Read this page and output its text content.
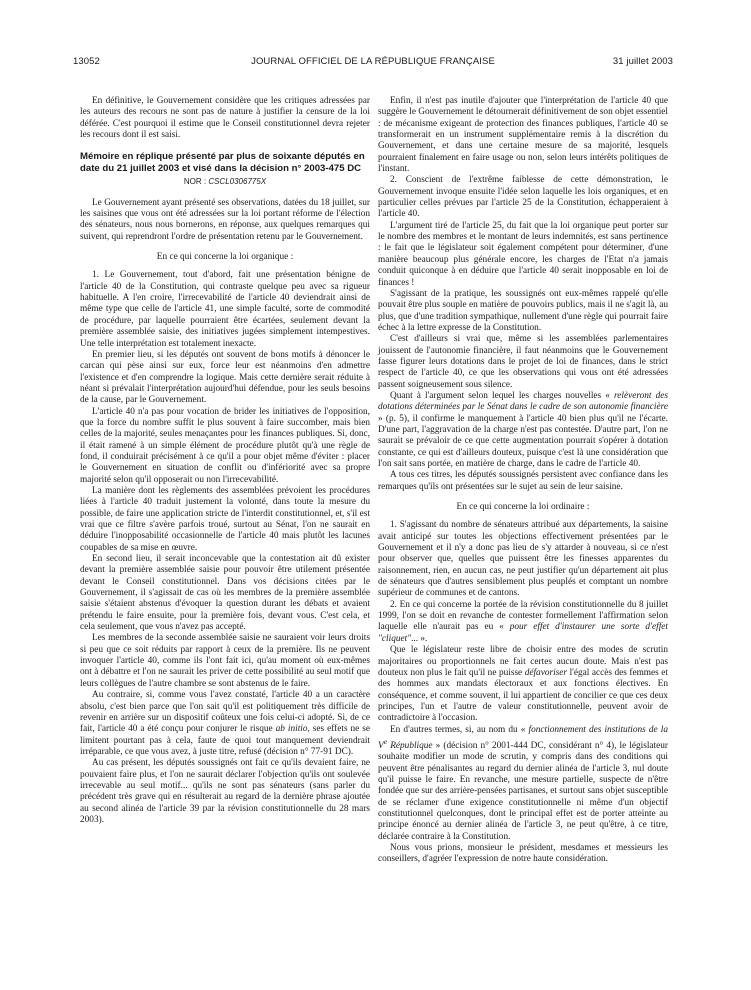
13052	JOURNAL OFFICIEL DE LA RÉPUBLIQUE FRANÇAISE	31 juillet 2003

En définitive, le Gouvernement considère que les critiques adressées par les auteurs des recours ne sont pas de nature à justifier la censure de la loi déférée. C'est pourquoi il estime que le Conseil constitutionnel devra rejeter les recours dont il est saisi.

Mémoire en réplique présenté par plus de soixante députés en date du 21 juillet 2003 et visé dans la décision n° 2003-475 DC
NOR : CSCL0306775X

Le Gouvernement ayant présenté ses observations, datées du 18 juillet, sur les saisines que vous ont été adressées sur la loi portant réforme de l'élection des sénateurs, nous nous bornerons, en réponse, aux quelques remarques qui suivent, qui reprendront l'ordre de présentation retenu par le Gouvernement.

En ce qui concerne la loi organique :

1. Le Gouvernement, tout d'abord, fait une présentation bénigne de l'article 40 de la Constitution, qui contraste quelque peu avec sa rigueur habituelle. A l'en croire, l'irrecevabilité de l'article 40 deviendrait ainsi de même type que celle de l'article 41, une simple faculté, sorte de commodité de procédure, par laquelle pourraient être écartées, seulement devant la première assemblée saisie, des initiatives jugées simplement intempestives. Une telle interprétation est totalement inexacte.

En premier lieu, si les députés ont souvent de bons motifs à dénoncer le carcan qui pèse ainsi sur eux, force leur est néanmoins d'en admettre l'existence et d'en comprendre la logique. Mais cette dernière serait réduite à néant si prévalait l'interprétation aujourd'hui défendue, pour les seuls besoins de la cause, par le Gouvernement.

L'article 40 n'a pas pour vocation de brider les initiatives de l'opposition, que la force du nombre suffit le plus souvent à faire succomber, mais bien celles de la majorité, seules menaçantes pour les finances publiques. Si, donc, il était ramené à un simple élément de procédure plutôt qu'à une règle de fond, il conduirait précisément à ce qu'il a pour objet même d'éviter : placer le Gouvernement en situation de conflit ou d'infériorité avec sa propre majorité selon qu'il opposerait ou non l'irrecevabilité.

La manière dont les règlements des assemblées prévoient les procédures liées à l'article 40 traduit justement la volonté, dans toute la mesure du possible, de faire une application stricte de l'interdit constitutionnel, et, s'il est vrai que ce filtre s'avère parfois troué, surtout au Sénat, l'on ne saurait en déduire l'inopposabilité occasionnelle de l'article 40 mais plutôt les lacunes coupables de sa mise en œuvre.

En second lieu, il serait inconcevable que la contestation ait dû exister devant la première assemblée saisie pour pouvoir être utilement présentée devant le Conseil constitutionnel. Dans vos décisions citées par le Gouvernement, il s'agissait de cas où les membres de la première assemblée saisie s'étaient abstenus d'évoquer la question durant les débats et avaient prétendu le faire ensuite, pour la première fois, devant vous. C'est cela, et cela seulement, que vous n'avez pas accepté.

Les membres de la seconde assemblée saisie ne sauraient voir leurs droits si peu que ce soit réduits par rapport à ceux de la première. Ils ne peuvent invoquer l'article 40, comme ils l'ont fait ici, qu'au moment où eux-mêmes ont à débattre et l'on ne saurait les priver de cette possibilité au seul motif que leurs collègues de l'autre chambre se sont abstenus de le faire.

Au contraire, si, comme vous l'avez constaté, l'article 40 a un caractère absolu, c'est bien parce que l'on sait qu'il est politiquement très difficile de revenir en arrière sur un dispositif coûteux une fois celui-ci adopté. Si, de ce fait, l'article 40 a été conçu pour conjurer le risque ab initio, ses effets ne se limitent pourtant pas à cela, faute de quoi tout manquement deviendrait irréparable, ce que vous avez, à juste titre, refusé (décision n° 77-91 DC).

Au cas présent, les députés soussignés ont fait ce qu'ils devaient faire, ne pouvaient faire plus, et l'on ne saurait déclarer l'objection qu'ils ont soulevée irrecevable au seul motif... qu'ils ne sont pas sénateurs (sans parler du précédent très grave qui en résulterait au regard de la dernière phrase ajoutée au second alinéa de l'article 39 par la révision constitutionnelle du 28 mars 2003).

Enfin, il n'est pas inutile d'ajouter que l'interprétation de l'article 40 que suggère le Gouvernement le détournerait définitivement de son objet essentiel : de mécanisme exigeant de protection des finances publiques, l'article 40 se transformerait en un instrument supplémentaire remis à la discrétion du Gouvernement, et dans une certaine mesure de sa majorité, lesquels pourraient finalement en faire usage ou non, selon leurs intérêts politiques de l'instant.

2. Conscient de l'extrême faiblesse de cette démonstration, le Gouvernement invoque ensuite l'idée selon laquelle les lois organiques, et en particulier celles prévues par l'article 25 de la Constitution, échapperaient à l'article 40.

L'argument tiré de l'article 25, du fait que la loi organique peut porter sur le nombre des membres et le montant de leurs indemnités, est sans pertinence : le fait que le législateur soit également compétent pour déterminer, d'une manière beaucoup plus générale encore, les charges de l'Etat n'a jamais conduit quiconque à en déduire que l'article 40 serait inopposable en loi de finances !

S'agissant de la pratique, les soussignés ont eux-mêmes rappelé qu'elle pouvait être plus souple en matière de pouvoirs publics, mais il ne s'agit là, au plus, que d'une tradition sympathique, nullement d'une règle qui pourrait faire échec à la lettre expresse de la Constitution.

C'est d'ailleurs si vrai que, même si les assemblées parlementaires jouissent de l'autonomie financière, il faut néanmoins que le Gouvernement fasse figurer leurs dotations dans le projet de loi de finances, dans le strict respect de l'article 40, ce que les observations qui vous ont été adressées passent soigneusement sous silence.

Quant à l'argument selon lequel les charges nouvelles « relèveront des dotations déterminées par le Sénat dans le cadre de son autonomie financière » (p. 5), il confirme le manquement à l'article 40 bien plus qu'il ne l'écarte. D'une part, l'aggravation de la charge n'est pas contestée. D'autre part, l'on ne saurait se prévaloir de ce que cette augmentation pourrait s'opérer à dotation constante, ce qui est d'ailleurs douteux, puisque c'est là une considération que l'on sait sans portée, en matière de charge, dans le cadre de l'article 40.

A tous ces titres, les députés soussignés persistent avec confiance dans les remarques qu'ils ont présentées sur le sujet au sein de leur saisine.

En ce qui concerne la loi ordinaire :

1. S'agissant du nombre de sénateurs attribué aux départements, la saisine avait anticipé sur toutes les objections effectivement présentées par le Gouvernement et il n'y a donc pas lieu de s'y attarder à nouveau, si ce n'est pour observer que, quelles que puissent être les finesses apparentes du raisonnement, rien, en aucun cas, ne peut justifier qu'un département ait plus de sénateurs que d'autres sensiblement plus peuplés et comptant un nombre supérieur de communes et de cantons.

2. En ce qui concerne la portée de la révision constitutionnelle du 8 juillet 1999, l'on se doit en revanche de contester formellement l'affirmation selon laquelle elle n'aurait pas eu « pour effet d'instaurer une sorte d'effet "cliquet"... ».

Que le législateur reste libre de choisir entre des modes de scrutin majoritaires ou proportionnels ne fait certes aucun doute. Mais n'est pas douteux non plus le fait qu'il ne puisse défavoriser l'égal accès des femmes et des hommes aux mandats électoraux et aux fonctions électives. En conséquence, et comme souvent, il lui appartient de concilier ce que ces deux principes, l'un et l'autre de valeur constitutionnelle, peuvent avoir de contradictoire à l'occasion.

En d'autres termes, si, au nom du « fonctionnement des institutions de la Ve République » (décision n° 2001-444 DC, considérant n° 4), le législateur souhaite modifier un mode de scrutin, y compris dans des conditions qui peuvent être pénalisantes au regard du dernier alinéa de l'article 3, nul doute qu'il puisse le faire. En revanche, une mesure partielle, suspecte de n'être fondée que sur des arrière-pensées partisanes, et surtout sans objet susceptible de se réclamer d'une exigence constitutionnelle ni même d'un objectif constitutionnel quelconques, dont le principal effet est de porter atteinte au principe énoncé au dernier alinéa de l'article 3, ne peut qu'être, à ce titre, déclarée contraire à la Constitution.

Nous vous prions, monsieur le président, mesdames et messieurs les conseillers, d'agréer l'expression de notre haute considération.
